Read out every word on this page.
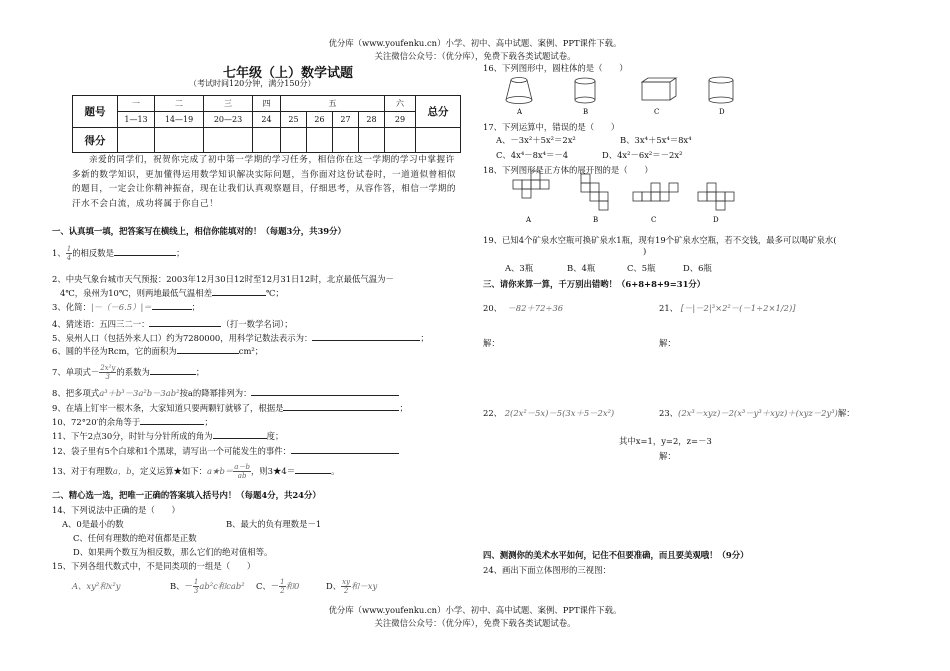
优分库（www.youfenku.cn）小学、初中、高中试题、案例、PPT课件下载。
关注微信公众号：（优分库），免费下载各类试题试卷。
优分库（www.youfenku.cn）小学、初中、高中试题、案例、PPT课件下载。
关注微信公众号：（优分库），免费下载各类试题试卷。
七年级（上）数学试题
（考试时间120分钟，满分150分）
题号	一	二	三	四	五				六	总分
	1—13	14—19	20—23	24	25	26	27	28	29	
得分										
亲爱的同学们，祝贺你完成了初中第一学期的学习任务，相信你在这一学期的学习中掌握许
多新的数学知识，更加懂得运用数学知识解决实际问题，当你面对这份试卷时，一道道似曾相似
的题目，一定会让你精神振奋，现在让我们认真观察题目，仔细思考，从容作答，相信一学期的
汗水不会白流，成功将属于你自己！
一、认真填一填，把答案写在横线上，相信你能填对的！（每题3分，共39分）
1、 $\frac{1}{4}$ 的相反数是	；
2、中央气象台城市天气预报：2003年12月30日12时至12月31日12时，北京最低气温为－
4℃，泉州为10℃，则两地最低气温相差	℃；
3、化简：|－（－6.5）|＝	；
4、猜迷语：五四三二一：	（打一数学名词）；
5、泉州人口（包括外来人口）约为7280000，用科学记数法表示为：	；
6、圆的半径为Rcm，它的面积为	cm²；
7、单项式－ $\frac{\text{2x²y}}{3}$ 的系数为	；
8、把多项式a³＋b³－3a²b－3ab²按a的降幂排列为：
9、在墙上钉牢一根木条，大家知道只要两颗钉就够了，根据是	；
10、72°20′的余角等于	；
11、下午2点30分，时针与分针所成的角为	度；
12、袋子里有5个白球和1个黑球，请写出一个可能发生的事件：
13、对于有理数a，b，定义运算★如下：a★b＝ $\frac{a-b}{ab}$ ，则3★4＝	。
二、精心选一选，把唯一正确的答案填入括号内！（每题4分，共24分）
14、下列说法中正确的是（　　）
A、0是最小的数	B、最大的负有理数是－1
C、任何有理数的绝对值都是正数
D、如果两个数互为相反数，那么它们的绝对值相等。
15、下列各组代数式中，不是同类项的一组是（　　）
A、xy²和x²y	B、－ $\frac{1}{3} ab^2c$和cab² C、－ $\frac{1}{2}$ 和0	D、 $\frac{xy}{2}$ 和－xy
16、下列图形中，圆柱体的是（　　）
A	B	C	D
17、下列运算中，错误的是（　　）
A、－3x²＋5x²＝2x²	B、3x⁴＋5x⁴＝8x⁴
C、4x⁴－8x⁴＝－4	D、4x²－6x²＝－2x²
18、下列图形是正方体的展开图的是（　　）
A	B	C	D
19、已知4个矿泉水空瓶可换矿泉水1瓶，现有19个矿泉水空瓶，若不交钱，最多可以喝矿泉水(
)
A、3瓶	B、4瓶	C、5瓶	D、6瓶
三、请你来算一算，千万别出错哟！（6+8+8+9=31分）
20、 －82＋72÷36
解：
21、 [－|－2|³×2²－(－1÷2×1/2)]
解：
22、 2(2x²－5x)－5(3x＋5－2x²)	23、(2x³－xyz)－2(x³－y³＋xyz)＋(xyz－2y³)解：
其中x=1，y=2，z=－3
解：
四、测测你的美术水平如何，记住不但要准确，而且要美观哦！（9分）
24、画出下面立体图形的三视图：
